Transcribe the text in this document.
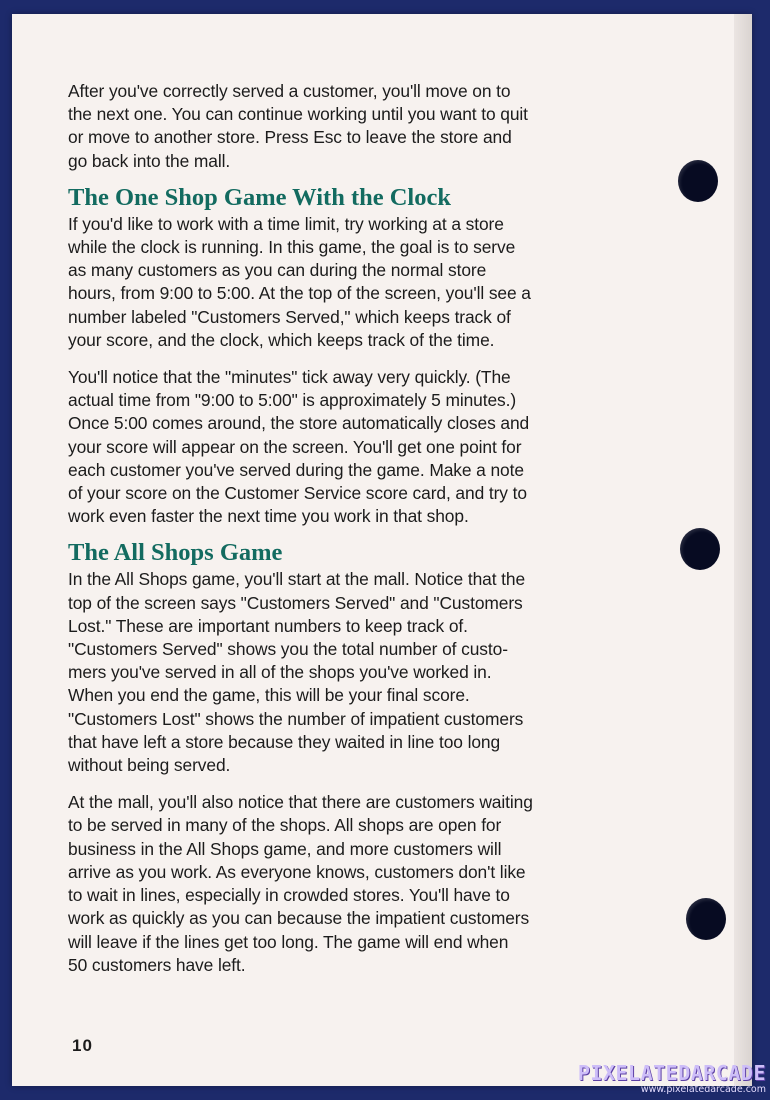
After you've correctly served a customer, you'll move on to
the next one. You can continue working until you want to quit
or move to another store. Press Esc to leave the store and
go back into the mall.

The One Shop Game With the Clock

If you'd like to work with a time limit, try working at a store
while the clock is running. In this game, the goal is to serve
as many customers as you can during the normal store
hours, from 9:00 to 5:00. At the top of the screen, you'll see a
number labeled "Customers Served," which keeps track of
your score, and the clock, which keeps track of the time.

You'll notice that the "minutes" tick away very quickly. (The
actual time from "9:00 to 5:00" is approximately 5 minutes.)
Once 5:00 comes around, the store automatically closes and
your score will appear on the screen. You'll get one point for
each customer you've served during the game. Make a note
of your score on the Customer Service score card, and try to
work even faster the next time you work in that shop.

The All Shops Game

In the All Shops game, you'll start at the mall. Notice that the
top of the screen says "Customers Served" and "Customers
Lost." These are important numbers to keep track of.
"Customers Served" shows you the total number of custo-
mers you've served in all of the shops you've worked in.
When you end the game, this will be your final score.
"Customers Lost" shows the number of impatient customers
that have left a store because they waited in line too long
without being served.

At the mall, you'll also notice that there are customers waiting
to be served in many of the shops. All shops are open for
business in the All Shops game, and more customers will
arrive as you work. As everyone knows, customers don't like
to wait in lines, especially in crowded stores. You'll have to
work as quickly as you can because the impatient customers
will leave if the lines get too long. The game will end when
50 customers have left.

10
PIXELATEDARCADE
www.pixelatedarcade.com
